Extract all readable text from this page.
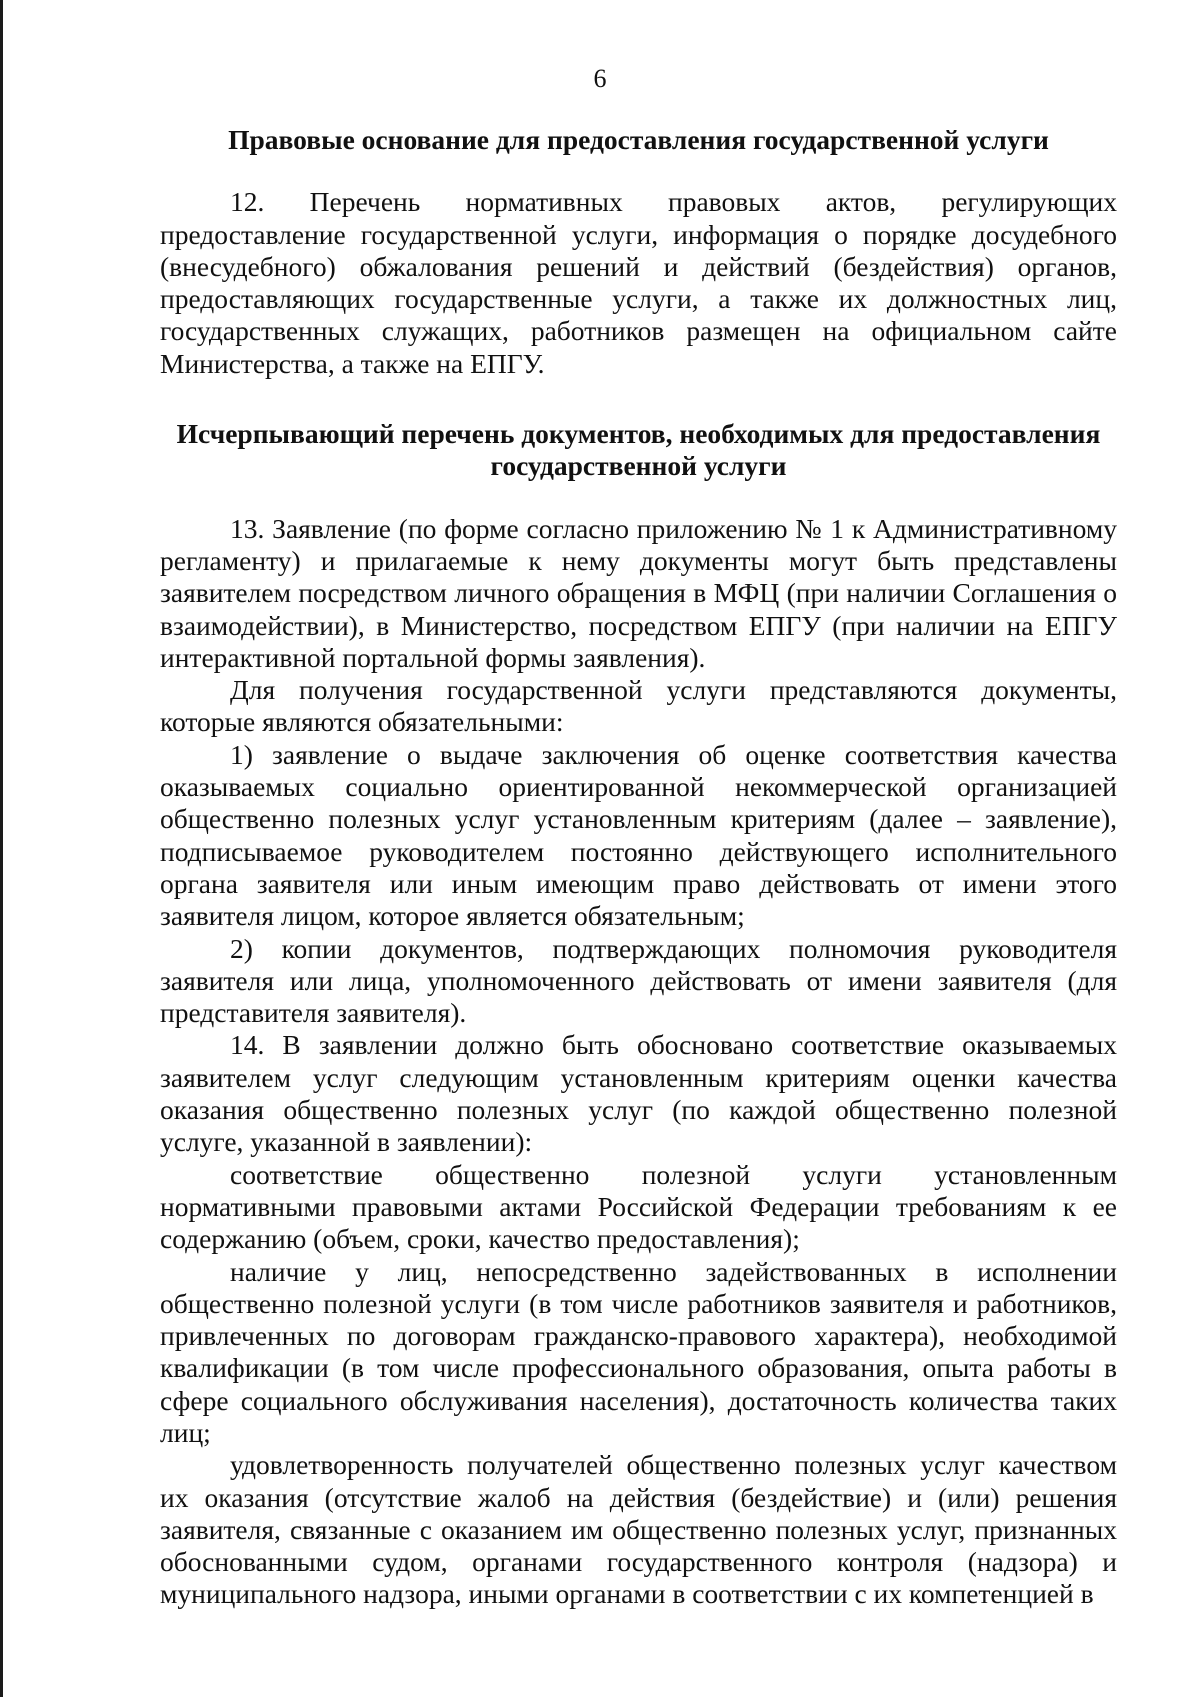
6
Правовые основание для предоставления государственной услуги

12. Перечень нормативных правовых актов, регулирующих предоставление государственной услуги, информация о порядке досудебного (внесудебного) обжалования решений и действий (бездействия) органов, предоставляющих государственные услуги, а также их должностных лиц, государственных служащих, работников размещен на официальном сайте Министерства, а также на ЕПГУ.

Исчерпывающий перечень документов, необходимых для предоставления государственной услуги

13. Заявление (по форме согласно приложению № 1 к Административному регламенту) и прилагаемые к нему документы могут быть представлены заявителем посредством личного обращения в МФЦ (при наличии Соглашения о взаимодействии), в Министерство, посредством ЕПГУ (при наличии на ЕПГУ интерактивной портальной формы заявления).

Для получения государственной услуги представляются документы, которые являются обязательными:

1) заявление о выдаче заключения об оценке соответствия качества оказываемых социально ориентированной некоммерческой организацией общественно полезных услуг установленным критериям (далее – заявление), подписываемое руководителем постоянно действующего исполнительного органа заявителя или иным имеющим право действовать от имени этого заявителя лицом, которое является обязательным;

2) копии документов, подтверждающих полномочия руководителя заявителя или лица, уполномоченного действовать от имени заявителя (для представителя заявителя).

14. В заявлении должно быть обосновано соответствие оказываемых заявителем услуг следующим установленным критериям оценки качества оказания общественно полезных услуг (по каждой общественно полезной услуге, указанной в заявлении):

соответствие общественно полезной услуги установленным нормативными правовыми актами Российской Федерации требованиям к ее содержанию (объем, сроки, качество предоставления);

наличие у лиц, непосредственно задействованных в исполнении общественно полезной услуги (в том числе работников заявителя и работников, привлеченных по договорам гражданско-правового характера), необходимой квалификации (в том числе профессионального образования, опыта работы в сфере социального обслуживания населения), достаточность количества таких лиц;

удовлетворенность получателей общественно полезных услуг качеством их оказания (отсутствие жалоб на действия (бездействие) и (или) решения заявителя, связанные с оказанием им общественно полезных услуг, признанных обоснованными судом, органами государственного контроля (надзора) и муниципального надзора, иными органами в соответствии с их компетенцией в
